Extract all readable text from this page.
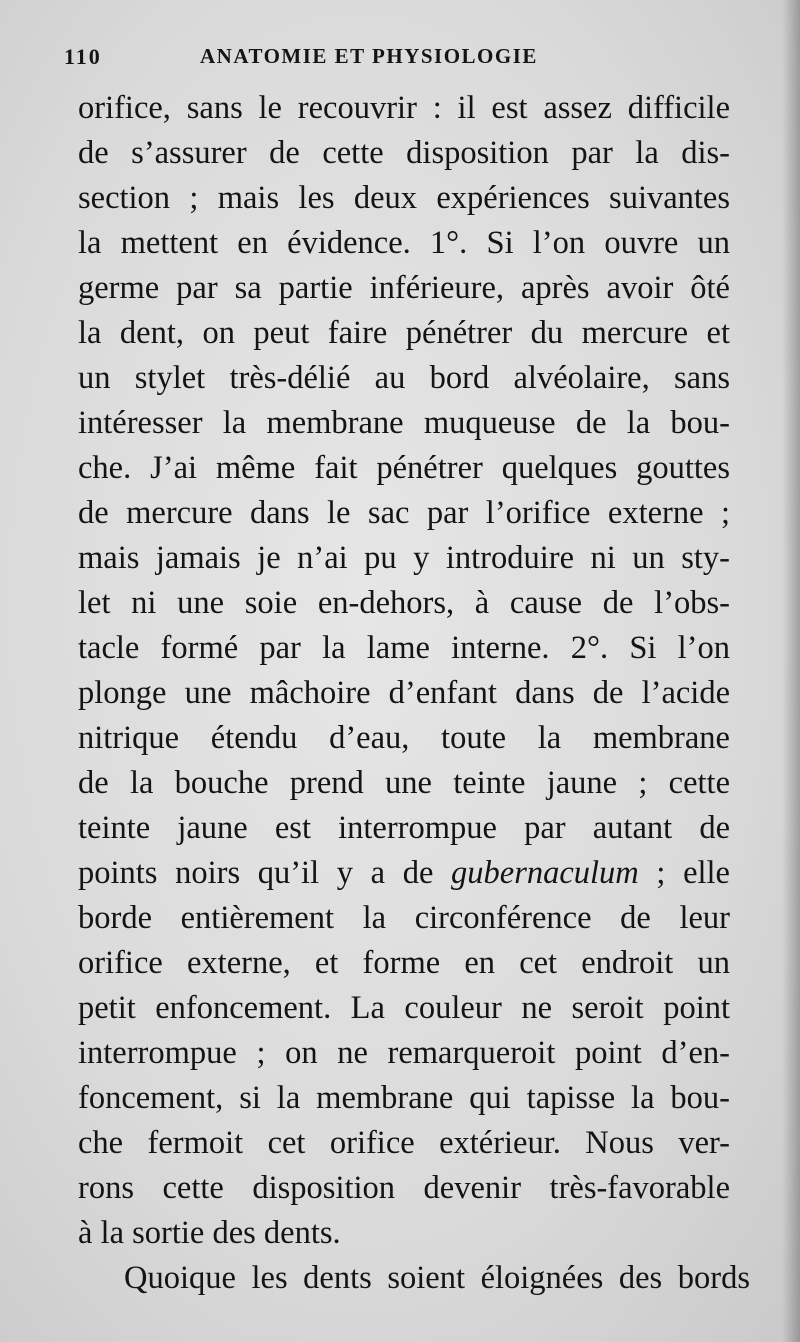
110	ANATOMIE ET PHYSIOLOGIE
orifice, sans le recouvrir : il est assez difficile
de s’assurer de cette disposition par la dis-
section ; mais les deux expériences suivantes
la mettent en évidence. 1°. Si l’on ouvre un
germe par sa partie inférieure, après avoir ôté
la dent, on peut faire pénétrer du mercure et
un stylet très-délié au bord alvéolaire, sans
intéresser la membrane muqueuse de la bou-
che. J’ai même fait pénétrer quelques gouttes
de mercure dans le sac par l’orifice externe ;
mais jamais je n’ai pu y introduire ni un sty-
let ni une soie en-dehors, à cause de l’obs-
tacle formé par la lame interne. 2°. Si l’on
plonge une mâchoire d’enfant dans de l’acide
nitrique étendu d’eau, toute la membrane
de la bouche prend une teinte jaune ; cette
teinte jaune est interrompue par autant de
points noirs qu’il y a de gubernaculum ; elle
borde entièrement la circonférence de leur
orifice externe, et forme en cet endroit un
petit enfoncement. La couleur ne seroit point
interrompue ; on ne remarqueroit point d’en-
foncement, si la membrane qui tapisse la bou-
che fermoit cet orifice extérieur. Nous ver-
rons cette disposition devenir très-favorable
à la sortie des dents.
Quoique les dents soient éloignées des bords
